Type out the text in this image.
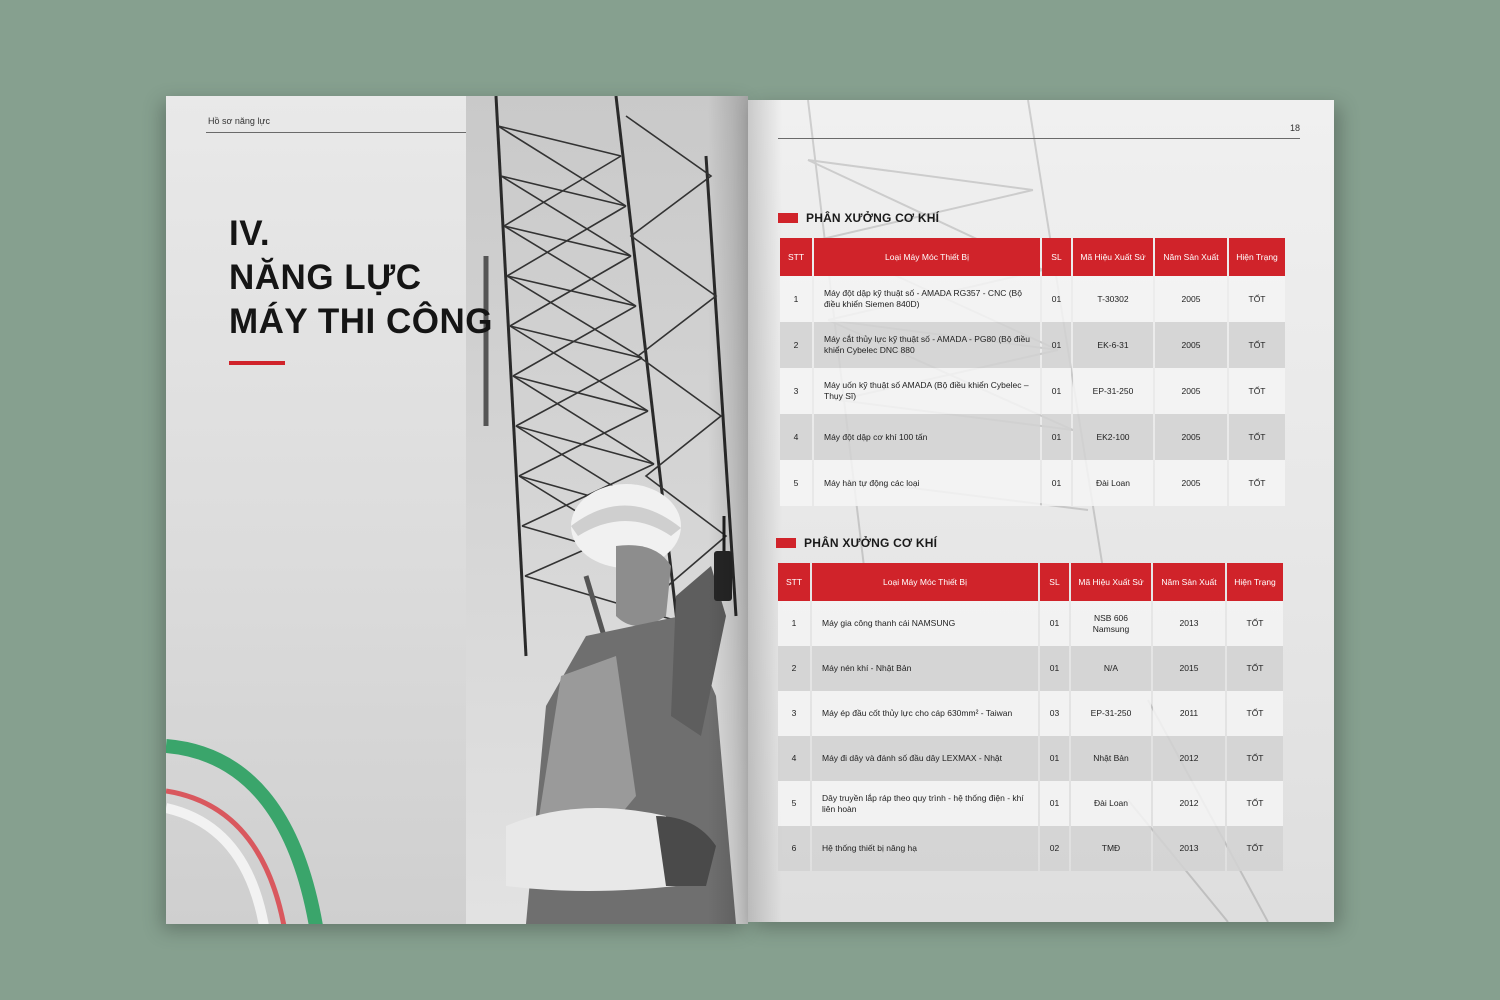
Hồ sơ năng lực
IV.
NĂNG LỰC
MÁY THI CÔNG
18
PHÂN XƯỞNG CƠ KHÍ
STT	Loại Máy Móc Thiết Bị	SL	Mã Hiệu Xuất Sứ	Năm Sản Xuất	Hiện Trạng
1	Máy đột dập kỹ thuật số - AMADA RG357 - CNC (Bộ điều khiển Siemen 840D)	01	T-30302	2005	TỐT
2	Máy cắt thủy lực kỹ thuật số - AMADA - PG80 (Bộ điều khiển Cybelec DNC 880	01	EK-6-31	2005	TỐT
3	Máy uốn kỹ thuật số AMADA (Bộ điều khiển Cybelec – Thụy Sĩ)	01	EP-31-250	2005	TỐT
4	Máy đột dập cơ khí 100 tấn	01	EK2-100	2005	TỐT
5	Máy hàn tự động các loại	01	Đài Loan	2005	TỐT
PHÂN XƯỞNG CƠ KHÍ
STT	Loại Máy Móc Thiết Bị	SL	Mã Hiệu Xuất Sứ	Năm Sản Xuất	Hiện Trạng
1	Máy gia công thanh cái NAMSUNG	01	NSB 606 Namsung	2013	TỐT
2	Máy nén khí - Nhật Bản	01	N/A	2015	TỐT
3	Máy ép đầu cốt thủy lực cho cáp 630mm² - Taiwan	03	EP-31-250	2011	TỐT
4	Máy đi dây và đánh số đầu dây LEXMAX - Nhật	01	Nhật Bản	2012	TỐT
5	Dây truyền lắp ráp theo quy trình - hệ thống điện - khí liên hoàn	01	Đài Loan	2012	TỐT
6	Hệ thống thiết bị nâng hạ	02	TMĐ	2013	TỐT
